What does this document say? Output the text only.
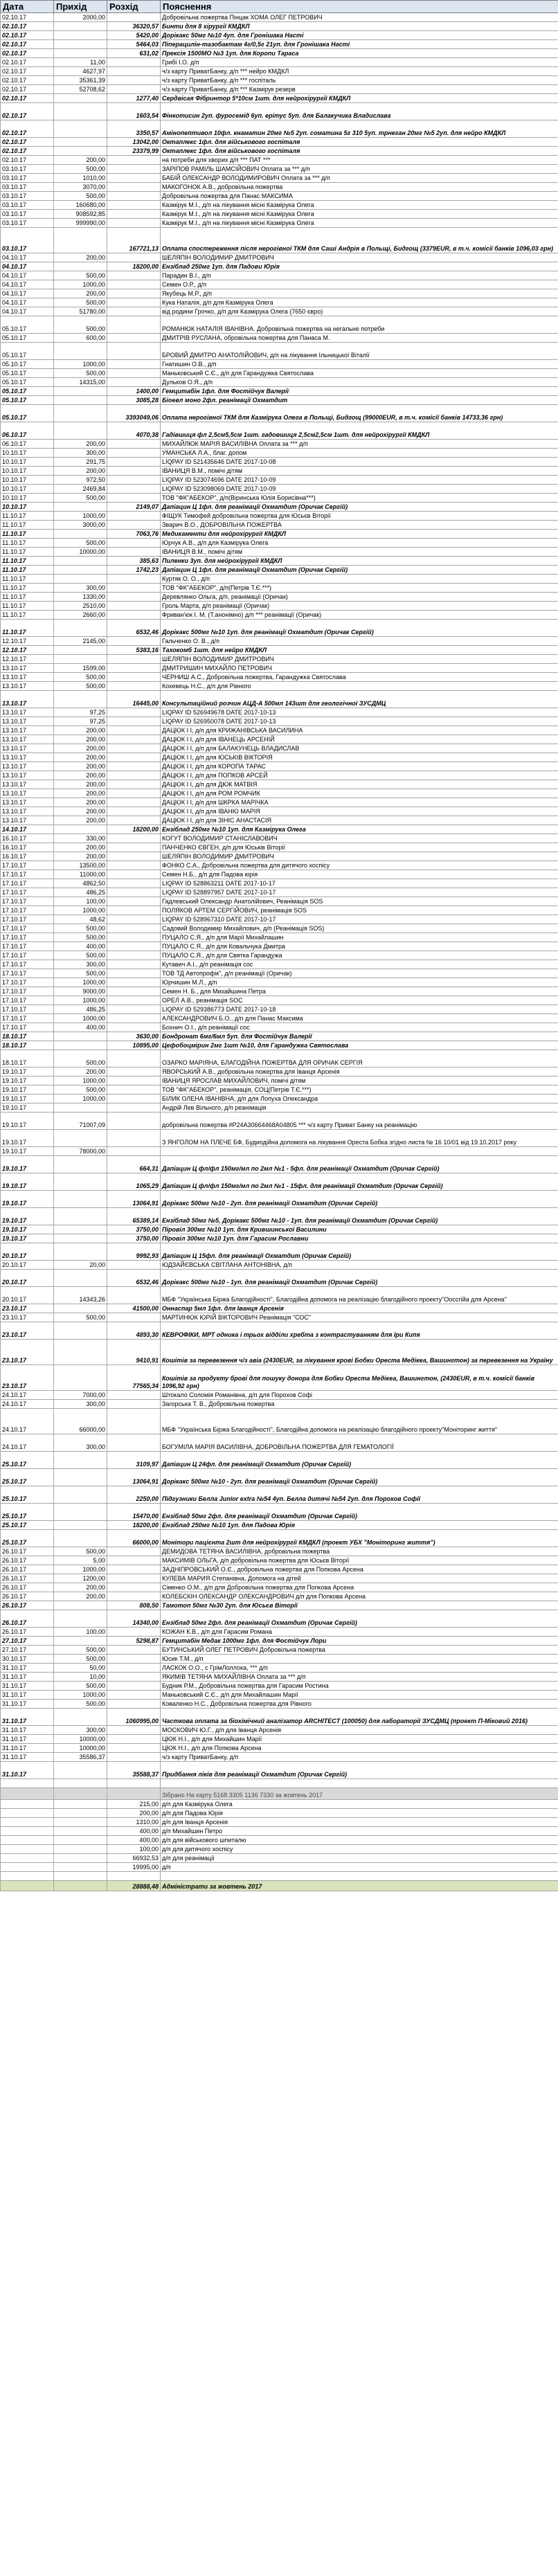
Дата	Прихід	Розхід	Пояснення
02.10.17	2000,00		Добровільна пожертва Пінцак ХОМА ОЛЕГ ПЕТРОВИЧ
02.10.17		36320,57	Бинти для 8 хірургії КМДКЛ
02.10.17		5420,00	Дорікакс 50мг №10 4уп. для Гронішака Насті
02.10.17		5464,03	Піперацилін-тазобактам 4г/0,5г 21уп. для Гронішака Насті
02.10.17		631,02	Прексія 1500МО №3 1уп. для Коропи Тараса
02.10.17	11,00		Грибі І.О. д/п
02.10.17	4627,97		ч/з карту ПриватБанку, д/п *** нейро КМДКЛ
02.10.17	35361,39		ч/з карту ПриватБанку, д/п *** госпіталь
02.10.17	52708,62		ч/з карту ПриватБанку, д/п *** Казмірук резерв
02.10.17		1277,40	Сердвісая Фібринтор 5*10см 1шт. для нейрохірургії КМДКЛ
02.10.17		1603,54	Фінкотисин 2уп. фуросемід 6уп. ерітус 5уп. для Балакучика Владислава
02.10.17		3350,57	Амінопептивол 10фл. кнаматин 20мг №5 2уп. соматина 5г 310 5уп. трнеган 20мг №5 2уп. для нейро КМДКЛ
02.10.17		13042,00	Октаплекс 1фл. для військового госпіталя
02.10.17		23379,99	Октаплекс 1фл. для військового госпіталя
02.10.17	200,00		на потреби для хворих д/п *** ПАТ ***
03.10.17	500,00		ЗАРІПОВ РАМІЛЬ ШАМСІЙОВИЧ Оплата за *** д/п
03.10.17	1010,00		БАБІЙ ОЛЕКСАНДР ВОЛОДИМИРОВИЧ Оплата за *** д/п
03.10.17	3070,00		МАКОГОНОК А.В., добровільна пожертва
03.10.17	500,00		Добровільна пожертва для Панас МАКСИМА
03.10.17	160680,00		Казмірук М.І., д/п на лікування місні Казмірука Олега
03.10.17	908592,85		Казмірук М.І., д/п на лікування місні Казмірука Олега
03.10.17	999990,00		Казмірук М.І., д/п на лікування місні Казмірука Олега
03.10.17		167721,13	Оплата спостереження після нерогівної ТКМ для Саші Андрія в Польщі, Бидгощ (3379EUR, в т.ч. комісії банків 1096,03 грн)
04.10.17	200,00		ШЕЛЯПІН ВОЛОДИМИР ДМИТРОВИЧ
04.10.17		18200,00	Ензіблад 250мг 1уп. для Падови Юрія
04.10.17	500,00		Парадин В.І., д/п
04.10.17	1000,00		Семен О.Р., д/п
04.10.17	200,00		Якубець М.Р., д/п
04.10.17	500,00		Кука Наталія, д/п для Казмірука Олега
04.10.17	51780,00		від родини Грочко, д/п для Казмірука Олега (7650 євро)
05.10.17	500,00		РОМАНЮК НАТАЛІЯ ІВАНІВНА. Добровільна пожертва на негальне потреби
05.10.17	600,00		ДМИТРІВ РУСЛАНА, обровільна пожертва для Панаса М.
05.10.17			БРОВИЙ ДМИТРО АНАТОЛІЙОВИЧ, д/п на лікування Ільницької Віталії
05.10.17	1000,00		Гнатишин О.В., д/п
05.10.17	500,00		Маньковський С.Є., д/п для Гарандужка Святослава
05.10.17	14315,00		Дульков О.Я., д/п
05.10.17		1400,00	Гемцитабін 1фл. для Фостійчук Валерії
05.10.17		3085,28	Біоевл моно 2фл. реанімації Охматдит
05.10.17		3393049,06	Оплата нерогівної ТКМ для Казмірука Олега в Польщі, Бидгощ (99000EUR, в т.ч. комісії банків 14733,36 грн)
06.10.17		4070,38	Гадівшиця фл 2,5см5,5см 1шт. гадовшиця 2,5см2,5см 1шт. для нейрохірургії КМДКЛ
06.10.17	200,00		МИХАЙЛЮК МАРІЯ ВАСИЛІВНА Оплата за *** д/п
10.10.17	300,00		УМАНСЬКА Л.А., благ. допом
10.10.17	291,75		LIQPAY ID 521435646 DATE 2017-10-08
10.10.17	200,00		ІВАНИЦЯ В.М., помічі дітям
10.10.17	972,50		LIQPAY ID 523074696 DATE 2017-10-09
10.10.17	2469,84		LIQPAY ID 523098069 DATE 2017-10-09
10.10.17	500,00		ТОВ "ФК"АБЕКОР", д/п(Віринська Юлія Борисівна***)
10.10.17		2149,07	Дапіацин Ц 1фл. для реанімації Охматдит (Оричак Сергій)
11.10.17	1000,00		ФІЩУК Тимофей добровільна пожертва для Юсьєв Віторії
11.10.17	3000,00		Зварич В.О., ДОБРОВІЛЬНА ПОЖЕРТВА
11.10.17		7063,76	Медикаменти для нейрохірургії КМДКЛ
11.10.17	500,00		Юрчук А.В., д/п для Казмірука Олега
11.10.17	10000,00		ІВАНИЦЯ В.М., помічі дітям
11.10.17		385,63	Пиленки 3уп. для нейрохірургії КМДКЛ
11.10.17		1742,23	Дапіацин Ц 1фл. для реанімації Охматдит (Оричак Сергій)
11.10.17			Куртяк О. О., д/п
11.10.17	300,00		ТОВ "ФК"АБЕКОР", д/п(Петрів Т.Є.***)
11.10.17	1330,00		Деревлянко Ольга, д/п, реанімації (Оричак)
11.10.17	2510,00		Гроль Марта, д/п реанімації (Оричак)
11.10.17	2660,00		Фриван'юк І. М. (Т.анонімно) д/п *** реанімації (Оричак)
11.10.17		6532,46	Дорікакс 500мг №10 1уп. для реанімації Охматдит (Оричак Сергій)
12.10.17	2145,00		Гальченко О. В., д/п
12.10.17		5383,16	Тахокомб 1шт. для нейро КМДКЛ
12.10.17			ШЕЛЯПІН ВОЛОДИМИР ДМИТРОВИЧ
13.10.17	1599,00		ДМИТРИШИН МИХАЙЛО ПЕТРОВИЧ
13.10.17	500,00		ЧЕРНИШ А.С., Добровільна пожертва, Гарандужка Святослава
13.10.17	500,00		Кохевець Н.С., д/п для Рівного
13.10.17		16445,00	Консультаційний розчин АЦД-А 500мл 143шт для геологічної ЗУСДМЦ
13.10.17	97,25		LIQPAY ID 526949678 DATE 2017-10-13
13.10.17	97,25		LIQPAY ID 526950078 DATE 2017-10-13
13.10.17	200,00		ДАЦЮК І І, д/п для КРИЖАНІВСЬКА ВАСИЛИНА
13.10.17	200,00		ДАЦЮК І І, д/п для ІВАНЕЦЬ АРСЕНІЙ
13.10.17	200,00		ДАЦЮК І І, д/п для БАЛАКУНЕЦЬ ВЛАДИСЛАВ
13.10.17	200,00		ДАЦЮК І І, д/п для ЮСЬКІВ ВІКТОРІЯ
13.10.17	200,00		ДАЦЮК І І, д/п для КОРОПА ТАРАС
13.10.17	200,00		ДАЦЮК І І, д/п для ПОПКОВ АРСЕЙ
13.10.17	200,00		ДАЦЮК І І, д/п для ДЮК МАТВІЯ
13.10.17	200,00		ДАЦЮК І І, д/п для РОМ РОМЧИК
13.10.17	200,00		ДАЦЮК І І, д/п для ШКРКА МАРІЧКА
13.10.17	200,00		ДАЦЮК І І, д/п для ІВАНЮ МАРІЯ
13.10.17	200,00		ДАЦЮК І І, д/п для ЗІНІС АНАСТАСІЯ
14.10.17		18200,00	Ензіблад 250мг №10 1уп. для Казмірука Олега
16.10.17	330,00		КОГУТ ВОЛОДИМИР СТАНІСЛАВОВИЧ
16.10.17	200,00		ПАНЧЕНКО ЄВГЕН, д/п для Юськів Віторії
16.10.17	200,00		ШЕЛЯПІН ВОЛОДИМИР ДМИТРОВИЧ
17.10.17	13500,00		ФОНКО С.А., Добровільна пожертва для дитячого хоспісу
17.10.17	11000,00		Семен Н.Б., д/п для Падова юрія
17.10.17	4862,50		LIQPAY ID 528863211 DATE 2017-10-17
17.10.17	486,25		LIQPAY ID 528897957 DATE 2017-10-17
17.10.17	100,00		Гадлевський Олександр Анатолійович, Реанімація SOS
17.10.17	1000,00		ПОЛЯКОВ АРТЕМ СЕРГІЙОВИЧ, реанімація SOS
17.10.17	48,62		LIQPAY ID 528967310 DATE 2017-10-17
17.10.17	500,00		Садовий Володимир Михайлович, д/п (Реанімація SOS)
17.10.17	500,00		ПУЦАЛО С.Я., д/п для Марії Михайлашин
17.10.17	400,00		ПУЦАЛО С.Я., д/п для Ковальчука Дмитра
17.10.17	500,00		ПУЦАЛО С.Я., д/п для Святка Гарандужа
17.10.17	300,00		Кутавич А.І., д/п реанімація сос
17.10.17	500,00		ТОВ ТД Автопрофік", д/п реанімації (Оричак)
17.10.17	1000,00		Юрчишин М.Л., д/п
17.10.17	9000,00		Семен Н. Б., для Михайшина Петра
17.10.17	1000,00		ОРЕЛ А.В., реанімація SOC
17.10.17	486,25		LIQPAY ID 529386773 DATE 2017-10-18
17.10.17	1000,00		АЛЕКСАНДРОВИЧ Б.О., д/п для Панас Максима
17.10.17	400,00		Бохнич О.І., д/п реанімації сос
18.10.17		3630,00	Бондронат 6мг/6мл 5уп. для Фостійчук Валерії
18.10.17		10895,00	Цефобоцмірин 2мг 1шт №10, для Гарандужка Святослава
18.10.17	500,00		ОЗАРКО МАРІЯНА, БЛАГОДІЙНА ПОЖЕРТВА ДЛЯ ОРИЧАК СЕРГІЯ
19.10.17	200,00		ЯВОРСЬКИЙ А.В., добровільна пожертва для Іванця Арсенія
19.10.17	1000,00		ІВАНИЦЯ ЯРОСЛАВ МИХАЙЛОВИЧ, помічі дітям
19.10.17	500,00		ТОВ "ФК"АБЕКОР", реанімація, СОЦ(Петрів Т.Є.***)
19.10.17	1000,00		БІЛИК ОЛЕНА ІВАНІВНА, д/п для Лопуха Олександра
19.10.17			Андрій Лев Вільного, д/п реанімація
19.10.17	71007,09		добровільна пожертва #P24A30664468A04805 *** ч/з карту Приват Банку на реанімацію
19.10.17			З ЯНГОЛОМ НА ПЛЕЧЕ БФ, Будиодійна допомога на лікування Ореста Бобка згідно листа № 16 10/01 від 19.10.2017 року
19.10.17	78000,00		
19.10.17		664,31	Дапіацин Ц фл/фл 150мг/мл по 2мл №1 - 5фл. для реанімації Охматдит (Оричак Сергій)
19.10.17		1065,29	Дапіацин Ц фл/фл 150мг/мл по 2мл №1 - 15фл. для реанімації Охматдит (Оричак Сергій)
19.10.17		13064,91	Дорікакс 500мг №10 - 2уп. для реанімації Охматдит (Оричак Сергій)
19.10.17		65389,14	Ензіблад 50мг №5, Дорікакс 500мг №10 - 1уп. для реанімації Охматдит (Оричак Сергій)
19.10.17		3750,00	Піровіл 300мг №10 1уп. для Крившинської Василини
19.10.17		3750,00	Піровіл 300мг №10 1уп. для Гарасим Рославни
20.10.17		9992,93	Дапіацин Ц 15фл. для реанімації Охматдит (Оричак Сергій)
20.10.17	20,00		ЮДЗАЙЄВСЬКА СВІТЛАНА АНТОНІВНА, д/п
20.10.17		6532,46	Дорікакс 500мг №10 - 1уп. для реанімації Охматдит (Оричак Сергій)
20.10.17	14343,26		МБФ "Українська Біржа Благодійності", Благодійна допомога на реалізацію благодійного проекту"Ооссгійа для Арсена"
23.10.17		41500,00	Оннаспар 5мл 1фл. для Іванця Арсенія
23.10.17	500,00		МАРТИНЮК ЮРІЙ ВІКТОРОВИЧ Реанімація "СОС"
23.10.17		4893,30	КЕВРОФІКИ, МРТ одника і трьох відділи хребта з контрастуванням для Іри Кипя
23.10.17		9410,91	Кошітів за перевезення ч/з авіа (2430EUR, за лікування крові Бобки Ореста Медікеа, Вашингтон) за перевезення на Україну
23.10.17		77565,34	Кошітів за продукту брові для пошуку донора для Бобки Ореста Медікеа, Вашингтон, (2430EUR, в т.ч. комісії банків 1096,92 грн)
24.10.17	7000,00		Штокало Соломія Романівна, д/п для Порохов Софі
24.10.17	300,00		Загорська Т. В., Добровільна пожертва
24.10.17	66000,00		МБФ "Українська Біржа Благодійності", Благодійна допомога на реалізацію благодійного проекту"Моніторинг життя"
24.10.17	300,00		БОГУМІЛА МАРІЯ ВАСИЛІВНА, ДОБРОВІЛЬНА ПОЖЕРТВА ДЛЯ ГЕМАТОЛОГІЇ
25.10.17		3109,97	Дапіацин Ц 24фл. для реанімації Охматдит (Оричак Сергій)
25.10.17		13064,91	Дорікакс 500мг №10 - 2уп. для реанімації Охматдит (Оричак Сергій)
25.10.17		2250,00	Підгузники Белла Junior extra №54 4уп. Белла дитячі №54 2уп. для Порохов Софії
25.10.17		15470,00	Ензіблад 50мг 2фл. для реанімації Охматдит (Оричак Сергій)
25.10.17		18200,00	Ензіблад 250мг №10 1уп. для Падова Юрія
25.10.17		66000,00	Монітори пацієнта 2шт для нейрохірургії КМДКЛ (проект УБХ "Моніторинг життя")
26.10.17	500,00		ДЕМИДОВА ТЕТЯНА ВАСИЛІВНА, добровільна пожертва
26.10.17	5,00		МАКСИМІВ ОЛЬГА, д/п добровільна пожертва для Юсьєв Віторії
26.10.17	1000,00		ЗАДНІПРОВСЬКИЙ О.Є., добровільна пожертва для Попкова Арсена
26.10.17	1200,00		КУЛЕВА МАРИЯ Степанівна, Допомога на дітей
26.10.17	200,00		Сіменко О.М., д/п для Добровільна пожертва для Попкова Арсена
26.10.17	200,00		КОЛЕБСКІН ОЛЕКСАНДР ОЛЕКСАНДРОВИЧ д/п для Попкова Арсена
26.10.17		808,50	Тамотоп 50мг №30 2уп. для Юсьєв Віторії
26.10.17		14340,00	Ензіблад 50мг 2фл. для реанімації Охматдит (Оричак Сергій)
26.10.17	100,00		КОЖАН К.В., д/п для Гарасим Романа
27.10.17		5298,87	Гемцитабін Медак 1000мг 1фл. для Фостійчук Лори
27.10.17	500,00		БУТИНСЬКИЙ ОЛЕГ ПЕТРОВИЧ Добровільна пожертва
30.10.17	500,00		Юсик Т.М., д/п
31.10.17	50,00		ЛАСКОК О.О., с ГрімЛоллока, *** д/п
31.10.17	10,00		ЯКИМІВ ТЕТЯНА МИХАЙЛІВНА Оплата за *** д/п
31.10.17	500,00		Будник Р.М., Добровільна пожертва для Гарасим Ростина
31.10.17	1000,00		Маньковський С.Є., д/п для Михайлашин Марії
31.10.17	500,00		Коваленко Н.С., Добровільна пожертва для Рівного
31.10.17		1060995,00	Часткова оплата за біохімічний аналізатор ARCHITECT (100050) для лабораторії ЗУСДМЦ (проект П-Міковий 2016)
31.10.17	300,00		МОСКОВИЧ Ю.Г., д/п для Іванця Арсенія
31.10.17	10000,00		ЦЮК Н.І., д/п для Михайшин Марії
31.10.17	10000,00		ЦЮК Н.І., д/п для Попкова Арсена
31.10.17	35586,37		ч/з карту ПриватБанку, д/п
31.10.17		35588,37	Придбання ліків для реанімації Охматдит (Оричак Сергій)

			Зібрано На карту 5168 3305 1136 7330 за жовтень 2017
		215,00	д/п для Казмірука Олега
		200,00	д/п для Падова Юрія
		1310,00	д/п для Іванця Арсенія
		400,00	д/п Михайшин Петро
		400,00	д/п для військового шпиталю
		100,00	д/п для дитячого хоспісу
		66932,53	д/п для реанімації
		19995,00	д/п

		28888,48	Адміністрати за жовтень 2017
